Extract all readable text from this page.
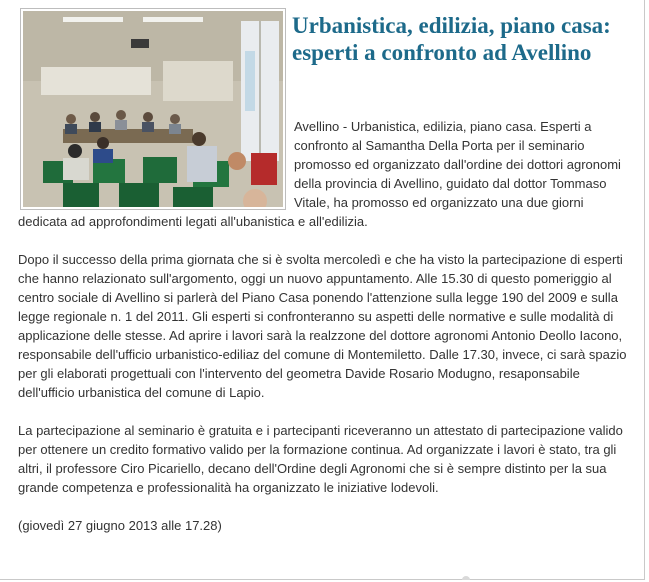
Urbanistica, edilizia, piano casa: esperti a confronto ad Avellino

Avellino - Urbanistica, edilizia, piano casa. Esperti a confronto al Samantha Della Porta per il seminario promosso ed organizzato dall'ordine dei dottori agronomi della provincia di Avellino, guidato dal dottor Tommaso Vitale, ha promosso ed organizzato una due giorni dedicata ad approfondimenti legati all'ubanistica e all'edilizia.

Dopo il successo della prima giornata che si è svolta mercoledì e che ha visto la partecipazione di esperti che hanno relazionato sull'argomento, oggi un nuovo appuntamento. Alle 15.30 di questo pomeriggio al centro sociale di Avellino si parlerà del Piano Casa ponendo l'attenzione sulla legge 190 del 2009 e sulla legge regionale n. 1 del 2011. Gli esperti si confronteranno su aspetti delle normative e sulle modalità di applicazione delle stesse. Ad aprire i lavori sarà la realzzone del dottore agronomi Antonio Deollo Iacono, responsabile dell'ufficio urbanistico-ediliaz del comune di Montemiletto. Dalle 17.30, invece, ci sarà spazio per gli elaborati progettuali con l'intervento del geometra Davide Rosario Modugno, resaponsabile dell'ufficio urbanistica del comune di Lapio.

La partecipazione al seminario è gratuita e i partecipanti riceveranno un attestato di partecipazione valido per ottenere un credito formativo valido per la formazione continua. Ad organizzate i lavori è stato, tra gli altri, il professore Ciro Picariello, decano dell'Ordine degli Agronomi che si è sempre distinto per la sua grande competenza e professionalità ha organizzato le iniziative lodevoli.

(giovedì 27 giugno 2013 alle 17.28)
